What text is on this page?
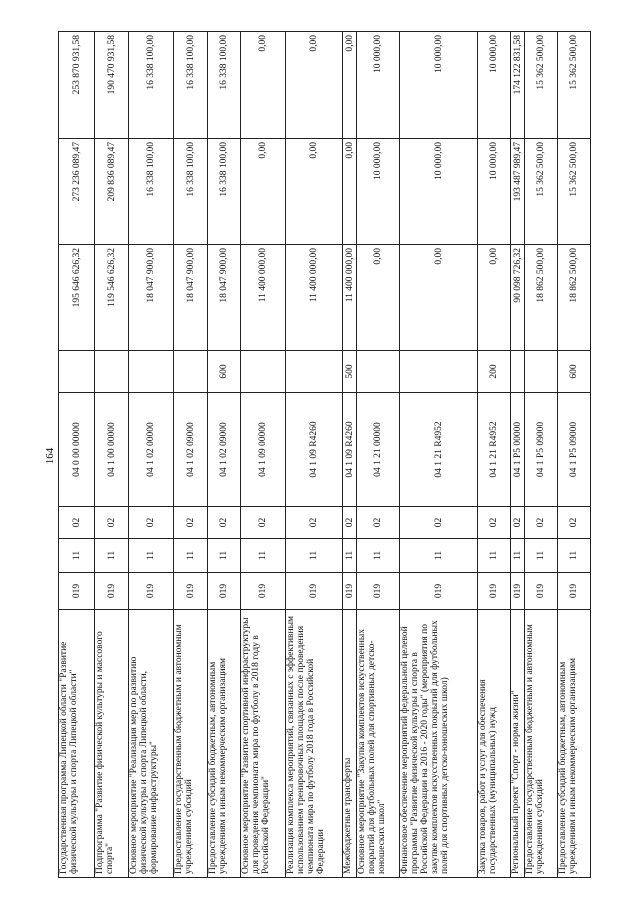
164
Государственная программа Липецкой области "Развитие физической культуры и спорта Липецкой области"	019	11	02	04 0 00 00000		195 646 626,32	273 236 089,47	253 870 931,58
Подпрограмма "Развитие физической культуры и массового спорта"	019	11	02	04 1 00 00000		119 546 626,32	209 836 089,47	190 470 931,58
Основное мероприятие "Реализация мер по развитию физической культуры и спорта Липецкой области, формирование инфраструктуры"	019	11	02	04 1 02 00000		18 047 900,00	16 338 100,00	16 338 100,00
Предоставление государственным бюджетным и автономным учреждениям субсидий	019	11	02	04 1 02 09000		18 047 900,00	16 338 100,00	16 338 100,00
Предоставление субсидий бюджетным, автономным учреждениям и иным некоммерческим организациям	019	11	02	04 1 02 09000	600	18 047 900,00	16 338 100,00	16 338 100,00
Основное мероприятие "Развитие спортивной инфраструктуры для проведения чемпионата мира по футболу в 2018 году в Российской Федерации"	019	11	02	04 1 09 00000		11 400 000,00	0,00	0,00
Реализация комплекса мероприятий, связанных с эффективным использованием тренировочных площадок после проведения чемпионата мира по футболу 2018 года в Российской Федерации	019	11	02	04 1 09 R4260		11 400 000,00	0,00	0,00
Межбюджетные трансферты	019	11	02	04 1 09 R4260	500	11 400 000,00	0,00	0,00
Основное мероприятие "Закупка комплектов искусственных покрытий для футбольных полей для спортивных детско-юношеских школ"	019	11	02	04 1 21 00000		0,00	10 000,00	10 000,00
Финансовое обеспечение мероприятий федеральной целевой программы "Развитие физической культуры и спорта в Российской Федерации на 2016 - 2020 годы" (мероприятия по закупке комплектов искусственных покрытий для футбольных полей для спортивных детско-юношеских школ)	019	11	02	04 1 21 R4952		0,00	10 000,00	10 000,00
Закупка товаров, работ и услуг для обеспечения государственных (муниципальных) нужд	019	11	02	04 1 21 R4952	200	0,00	10 000,00	10 000,00
Региональный проект "Спорт - норма жизни"	019	11	02	04 1 P5 00000		90 098 726,32	193 487 989,47	174 122 831,58
Предоставление государственным бюджетным и автономным учреждениям субсидий	019	11	02	04 1 P5 09000		18 862 500,00	15 362 500,00	15 362 500,00
Предоставление субсидий бюджетным, автономным учреждениям и иным некоммерческим организациям	019	11	02	04 1 P5 09000	600	18 862 500,00	15 362 500,00	15 362 500,00
